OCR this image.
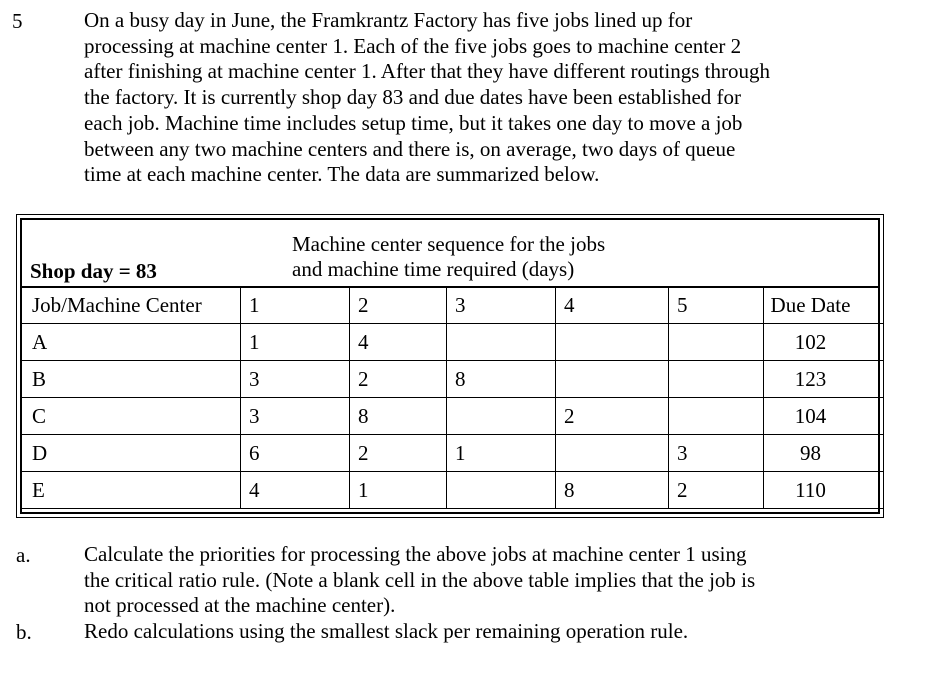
5	On a busy day in June, the Framkrantz Factory has five jobs lined up for
processing at machine center 1. Each of the five jobs goes to machine center 2
after finishing at machine center 1. After that they have different routings through
the factory. It is currently shop day 83 and due dates have been established for
each job. Machine time includes setup time, but it takes one day to move a job
between any two machine centers and there is, on average, two days of queue
time at each machine center. The data are summarized below.
Shop day = 83
Machine center sequence for the jobs
and machine time required (days)
Job/Machine Center	1	2	3	4	5	Due Date
A	1	4				102
B	3	2	8			123
C	3	8		2		104
D	6	2	1		3	98
E	4	1		8	2	110
a.	Calculate the priorities for processing the above jobs at machine center 1 using
the critical ratio rule. (Note a blank cell in the above table implies that the job is
not processed at the machine center).
b. Redo calculations using the smallest slack per remaining operation rule.
